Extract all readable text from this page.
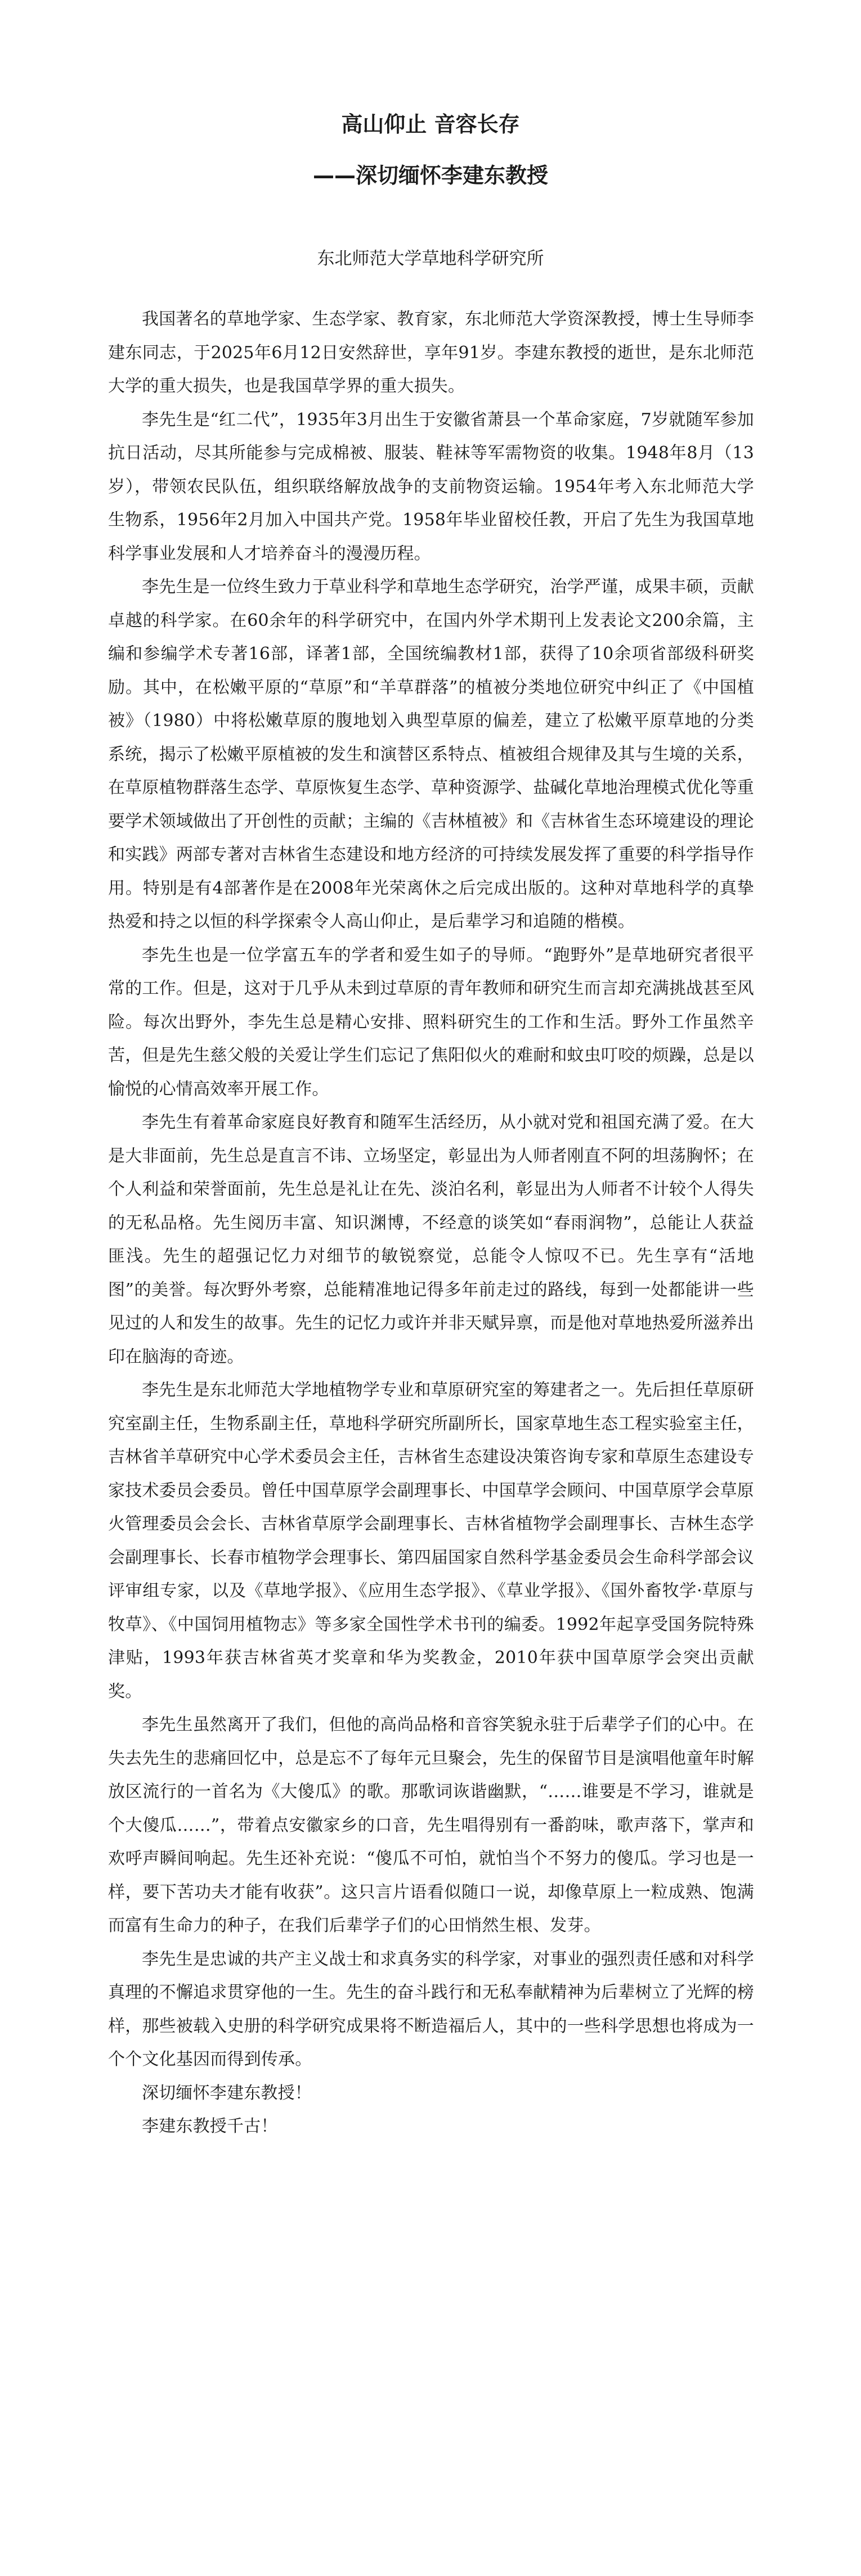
高山仰止 音容长存
——深切缅怀李建东教授
东北师范大学草地科学研究所

我国著名的草地学家、生态学家、教育家，东北师范大学资深教授，博士生导师李建东同志，于2025年6月12日安然辞世，享年91岁。李建东教授的逝世，是东北师范大学的重大损失，也是我国草学界的重大损失。

李先生是“红二代”，1935年3月出生于安徽省萧县一个革命家庭，7岁就随军参加抗日活动，尽其所能参与完成棉被、服装、鞋袜等军需物资的收集。1948年8月（13岁），带领农民队伍，组织联络解放战争的支前物资运输。1954年考入东北师范大学生物系，1956年2月加入中国共产党。1958年毕业留校任教，开启了先生为我国草地科学事业发展和人才培养奋斗的漫漫历程。

李先生是一位终生致力于草业科学和草地生态学研究，治学严谨，成果丰硕，贡献卓越的科学家。在60余年的科学研究中，在国内外学术期刊上发表论文200余篇，主编和参编学术专著16部，译著1部，全国统编教材1部，获得了10余项省部级科研奖励。其中，在松嫩平原的“草原”和“羊草群落”的植被分类地位研究中纠正了《中国植被》（1980）中将松嫩草原的腹地划入典型草原的偏差，建立了松嫩平原草地的分类系统，揭示了松嫩平原植被的发生和演替区系特点、植被组合规律及其与生境的关系，在草原植物群落生态学、草原恢复生态学、草种资源学、盐碱化草地治理模式优化等重要学术领域做出了开创性的贡献；主编的《吉林植被》和《吉林省生态环境建设的理论和实践》两部专著对吉林省生态建设和地方经济的可持续发展发挥了重要的科学指导作用。特别是有4部著作是在2008年光荣离休之后完成出版的。这种对草地科学的真挚热爱和持之以恒的科学探索令人高山仰止，是后辈学习和追随的楷模。

李先生也是一位学富五车的学者和爱生如子的导师。“跑野外”是草地研究者很平常的工作。但是，这对于几乎从未到过草原的青年教师和研究生而言却充满挑战甚至风险。每次出野外，李先生总是精心安排、照料研究生的工作和生活。野外工作虽然辛苦，但是先生慈父般的关爱让学生们忘记了焦阳似火的难耐和蚊虫叮咬的烦躁，总是以愉悦的心情高效率开展工作。

李先生有着革命家庭良好教育和随军生活经历，从小就对党和祖国充满了爱。在大是大非面前，先生总是直言不讳、立场坚定，彰显出为人师者刚直不阿的坦荡胸怀；在个人利益和荣誉面前，先生总是礼让在先、淡泊名利，彰显出为人师者不计较个人得失的无私品格。先生阅历丰富、知识渊博，不经意的谈笑如“春雨润物”，总能让人获益匪浅。先生的超强记忆力对细节的敏锐察觉，总能令人惊叹不已。先生享有“活地图”的美誉。每次野外考察，总能精准地记得多年前走过的路线，每到一处都能讲一些见过的人和发生的故事。先生的记忆力或许并非天赋异禀，而是他对草地热爱所滋养出印在脑海的奇迹。

李先生是东北师范大学地植物学专业和草原研究室的筹建者之一。先后担任草原研究室副主任，生物系副主任，草地科学研究所副所长，国家草地生态工程实验室主任，吉林省羊草研究中心学术委员会主任，吉林省生态建设决策咨询专家和草原生态建设专家技术委员会委员。曾任中国草原学会副理事长、中国草学会顾问、中国草原学会草原火管理委员会会长、吉林省草原学会副理事长、吉林省植物学会副理事长、吉林生态学会副理事长、长春市植物学会理事长、第四届国家自然科学基金委员会生命科学部会议评审组专家，以及《草地学报》、《应用生态学报》、《草业学报》、《国外畜牧学·草原与牧草》、《中国饲用植物志》等多家全国性学术书刊的编委。1992年起享受国务院特殊津贴，1993年获吉林省英才奖章和华为奖教金，2010年获中国草原学会突出贡献奖。

李先生虽然离开了我们，但他的高尚品格和音容笑貌永驻于后辈学子们的心中。在失去先生的悲痛回忆中，总是忘不了每年元旦聚会，先生的保留节目是演唱他童年时解放区流行的一首名为《大傻瓜》的歌。那歌词诙谐幽默，“……谁要是不学习，谁就是个大傻瓜……”，带着点安徽家乡的口音，先生唱得别有一番韵味，歌声落下，掌声和欢呼声瞬间响起。先生还补充说：“傻瓜不可怕，就怕当个不努力的傻瓜。学习也是一样，要下苦功夫才能有收获”。这只言片语看似随口一说，却像草原上一粒成熟、饱满而富有生命力的种子，在我们后辈学子们的心田悄然生根、发芽。

李先生是忠诚的共产主义战士和求真务实的科学家，对事业的强烈责任感和对科学真理的不懈追求贯穿他的一生。先生的奋斗践行和无私奉献精神为后辈树立了光辉的榜样，那些被载入史册的科学研究成果将不断造福后人，其中的一些科学思想也将成为一个个文化基因而得到传承。

深切缅怀李建东教授！

李建东教授千古！
